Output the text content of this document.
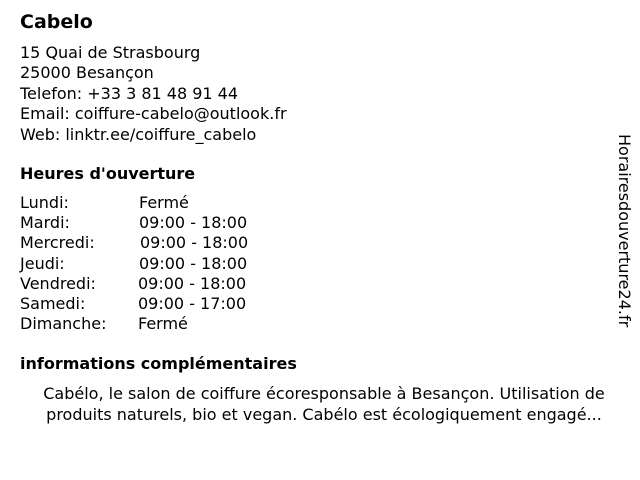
Cabelo
15 Quai de Strasbourg
25000 Besançon
Telefon: +33 3 81 48 91 44
Email: coiffure-cabelo@outlook.fr
Web: linktr.ee/coiffure_cabelo
Heures d'ouverture
Lundi:	Fermé
Mardi:	09:00 - 18:00
Mercredi:	09:00 - 18:00
Jeudi:	09:00 - 18:00
Vendredi:	09:00 - 18:00
Samedi:	09:00 - 17:00
Dimanche: Fermé
informations complémentaires
Cabélo, le salon de coiffure écoresponsable à Besançon. Utilisation de
produits naturels, bio et vegan. Cabélo est écologiquement engagé...
Horairesdouverture24.fr
